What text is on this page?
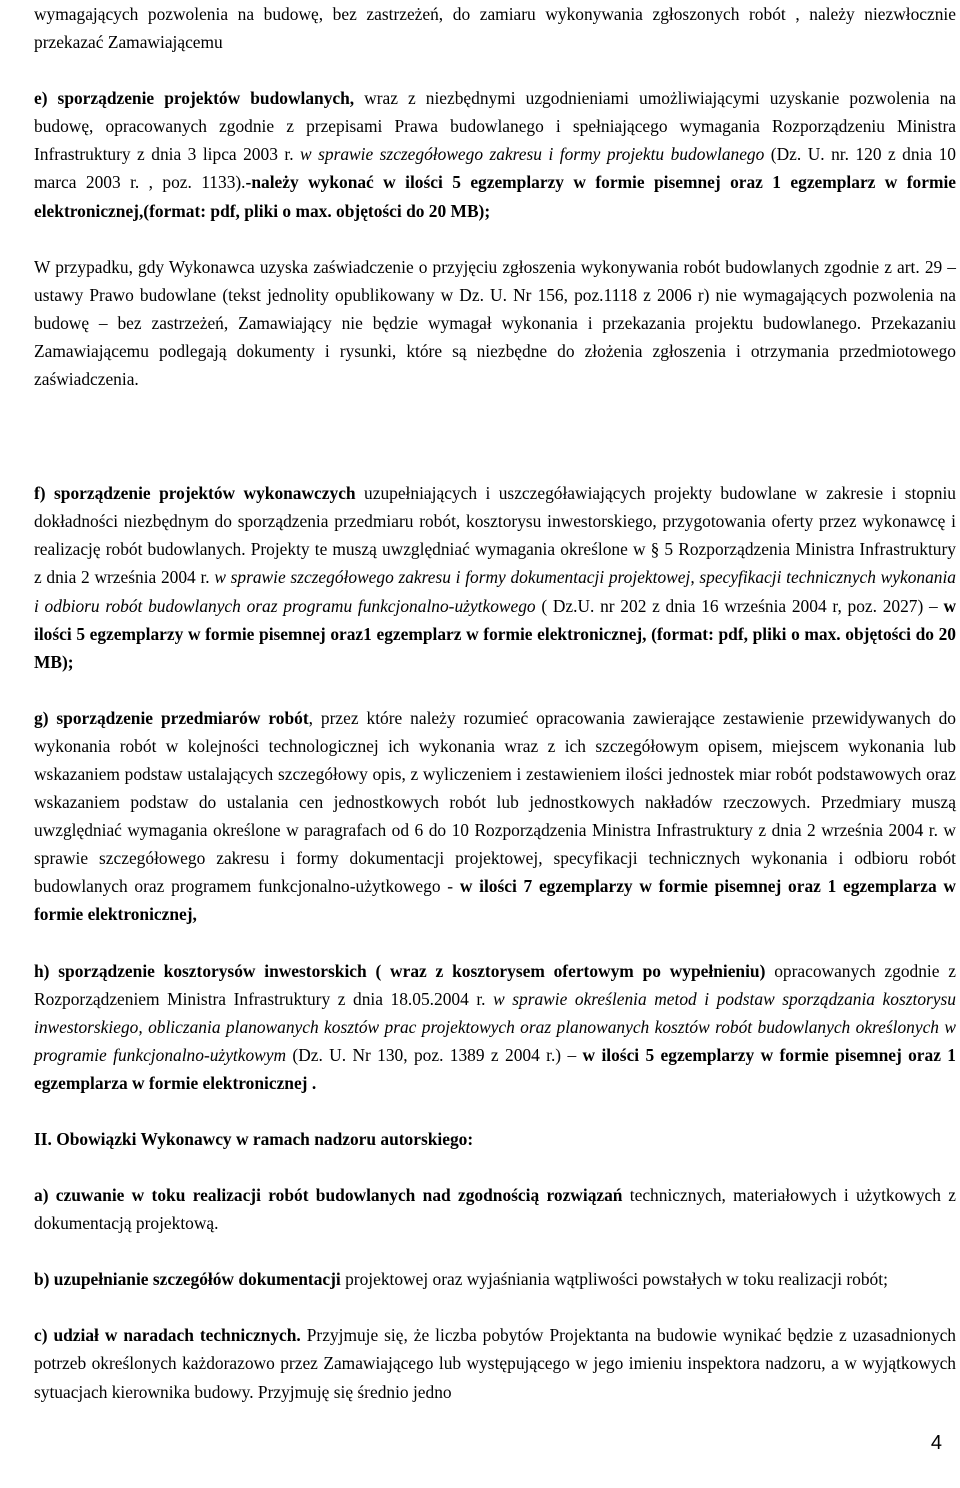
wymagających pozwolenia na budowę, bez zastrzeżeń, do zamiaru wykonywania zgłoszonych robót , należy niezwłocznie przekazać Zamawiającemu

e) sporządzenie projektów budowlanych, wraz z niezbędnymi uzgodnieniami umożliwiającymi uzyskanie pozwolenia na budowę, opracowanych zgodnie z przepisami Prawa budowlanego i spełniającego wymagania Rozporządzeniu Ministra Infrastruktury z dnia 3 lipca 2003 r. w sprawie szczegółowego zakresu i formy projektu budowlanego (Dz. U. nr. 120 z dnia 10 marca 2003 r. , poz. 1133).-należy wykonać w ilości 5 egzemplarzy w formie pisemnej oraz 1 egzemplarz w formie elektronicznej,(format: pdf, pliki o max. objętości do 20 MB);

W przypadku, gdy Wykonawca uzyska zaświadczenie o przyjęciu zgłoszenia wykonywania robót budowlanych zgodnie z art. 29 – ustawy Prawo budowlane (tekst jednolity opublikowany w Dz. U. Nr 156, poz.1118 z 2006 r) nie wymagających pozwolenia na budowę – bez zastrzeżeń, Zamawiający nie będzie wymagał wykonania i przekazania projektu budowlanego. Przekazaniu Zamawiającemu podlegają dokumenty i rysunki, które są niezbędne do złożenia zgłoszenia i otrzymania przedmiotowego zaświadczenia.

f) sporządzenie projektów wykonawczych uzupełniających i uszczegóławiających projekty budowlane w zakresie i stopniu dokładności niezbędnym do sporządzenia przedmiaru robót, kosztorysu inwestorskiego, przygotowania oferty przez wykonawcę i realizację robót budowlanych. Projekty te muszą uwzględniać wymagania określone w § 5 Rozporządzenia Ministra Infrastruktury z dnia 2 września 2004 r. w sprawie szczegółowego zakresu i formy dokumentacji projektowej, specyfikacji technicznych wykonania i odbioru robót budowlanych oraz programu funkcjonalno-użytkowego ( Dz.U. nr 202 z dnia 16 września 2004 r, poz. 2027) – w ilości 5 egzemplarzy w formie pisemnej oraz1 egzemplarz w formie elektronicznej, (format: pdf, pliki o max. objętości do 20 MB);

g) sporządzenie przedmiarów robót, przez które należy rozumieć opracowania zawierające zestawienie przewidywanych do wykonania robót w kolejności technologicznej ich wykonania wraz z ich szczegółowym opisem, miejscem wykonania lub wskazaniem podstaw ustalających szczegółowy opis, z wyliczeniem i zestawieniem ilości jednostek miar robót podstawowych oraz wskazaniem podstaw do ustalania cen jednostkowych robót lub jednostkowych nakładów rzeczowych. Przedmiary muszą uwzględniać wymagania określone w paragrafach od 6 do 10 Rozporządzenia Ministra Infrastruktury z dnia 2 września 2004 r. w sprawie szczegółowego zakresu i formy dokumentacji projektowej, specyfikacji technicznych wykonania i odbioru robót budowlanych oraz programem funkcjonalno-użytkowego - w ilości 7 egzemplarzy w formie pisemnej oraz 1 egzemplarza w formie elektronicznej,

h) sporządzenie kosztorysów inwestorskich ( wraz z kosztorysem ofertowym po wypełnieniu) opracowanych zgodnie z Rozporządzeniem Ministra Infrastruktury z dnia 18.05.2004 r. w sprawie określenia metod i podstaw sporządzania kosztorysu inwestorskiego, obliczania planowanych kosztów prac projektowych oraz planowanych kosztów robót budowlanych określonych w programie funkcjonalno-użytkowym (Dz. U. Nr 130, poz. 1389 z 2004 r.) – w ilości 5 egzemplarzy w formie pisemnej oraz 1 egzemplarza w formie elektronicznej .

II. Obowiązki Wykonawcy w ramach nadzoru autorskiego:

a) czuwanie w toku realizacji robót budowlanych nad zgodnością rozwiązań technicznych, materiałowych i użytkowych z dokumentacją projektową.

b) uzupełnianie szczegółów dokumentacji projektowej oraz wyjaśniania wątpliwości powstałych w toku realizacji robót;

c) udział w naradach technicznych. Przyjmuje się, że liczba pobytów Projektanta na budowie wynikać będzie z uzasadnionych potrzeb określonych każdorazowo przez Zamawiającego lub występującego w jego imieniu inspektora nadzoru, a w wyjątkowych sytuacjach kierownika budowy. Przyjmuję się średnio jedno

4
